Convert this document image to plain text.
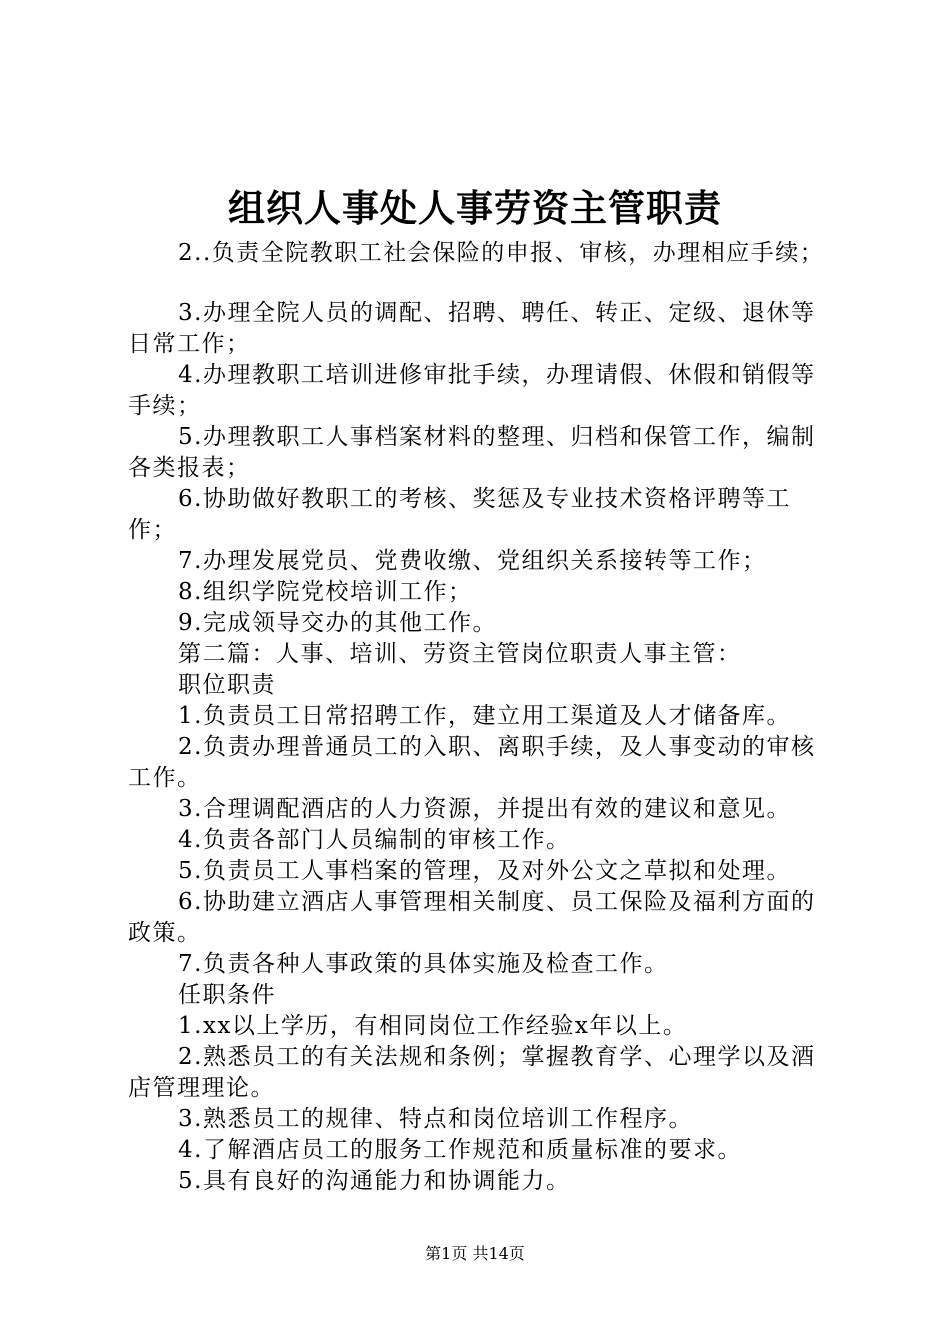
组织人事处人事劳资主管职责

2..负责全院教职工社会保险的申报、审核，办理相应手续；

3.办理全院人员的调配、招聘、聘任、转正、定级、退休等日常工作；

4.办理教职工培训进修审批手续，办理请假、休假和销假等手续；

5.办理教职工人事档案材料的整理、归档和保管工作，编制各类报表；

6.协助做好教职工的考核、奖惩及专业技术资格评聘等工作；

7.办理发展党员、党费收缴、党组织关系接转等工作；

8.组织学院党校培训工作；

9.完成领导交办的其他工作。

第二篇：人事、培训、劳资主管岗位职责人事主管：

职位职责

1.负责员工日常招聘工作，建立用工渠道及人才储备库。

2.负责办理普通员工的入职、离职手续，及人事变动的审核工作。

3.合理调配酒店的人力资源，并提出有效的建议和意见。

4.负责各部门人员编制的审核工作。

5.负责员工人事档案的管理，及对外公文之草拟和处理。

6.协助建立酒店人事管理相关制度、员工保险及福利方面的政策。

7.负责各种人事政策的具体实施及检查工作。

任职条件

1.xx以上学历，有相同岗位工作经验x年以上。

2.熟悉员工的有关法规和条例；掌握教育学、心理学以及酒店管理理论。

3.熟悉员工的规律、特点和岗位培训工作程序。

4.了解酒店员工的服务工作规范和质量标准的要求。

5.具有良好的沟通能力和协调能力。

第1页 共14页
